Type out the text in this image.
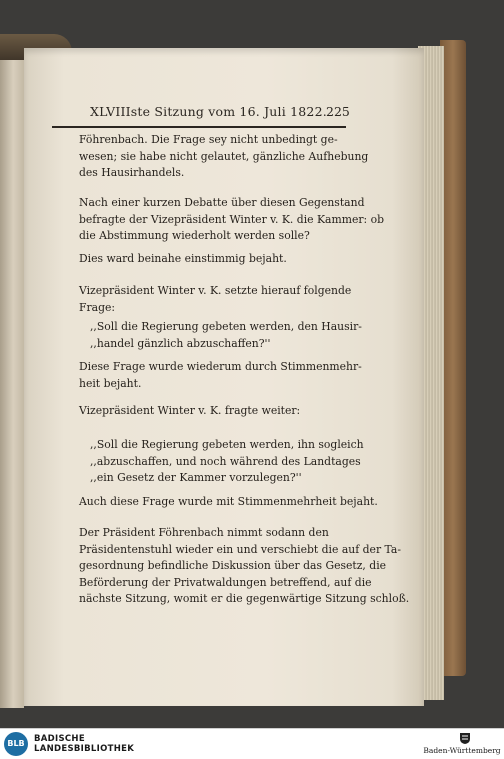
XLVIIIste Sitzung vom 16. Juli 1822. 225

Föhrenbach. Die Frage sey nicht unbedingt ge-
wesen; sie habe nicht gelautet, gänzliche Aufhebung
des Hausirhandels.

Nach einer kurzen Debatte über diesen Gegenstand
befragte der Vizepräsident Winter v. K. die Kammer: ob
die Abstimmung wiederholt werden solle?

Dies ward beinahe einstimmig bejaht.

Vizepräsident Winter v. K. setzte hierauf folgende
Frage:

,,Soll die Regierung gebeten werden, den Hausir-
,,handel gänzlich abzuschaffen?''

Diese Frage wurde wiederum durch Stimmenmehr-
heit bejaht.

Vizepräsident Winter v. K. fragte weiter:

,,Soll die Regierung gebeten werden, ihn sogleich
,,abzuschaffen, und noch während des Landtages
,,ein Gesetz der Kammer vorzulegen?''

Auch diese Frage wurde mit Stimmenmehrheit bejaht.

Der Präsident Föhrenbach nimmt sodann den
Präsidentenstuhl wieder ein und verschiebt die auf der Ta-
gesordnung befindliche Diskussion über das Gesetz, die
Beförderung der Privatwaldungen betreffend, auf die
nächste Sitzung, womit er die gegenwärtige Sitzung schloß.

BLB	BADISCHE
LANDESBIBLIOTHEK	Baden-Württemberg
